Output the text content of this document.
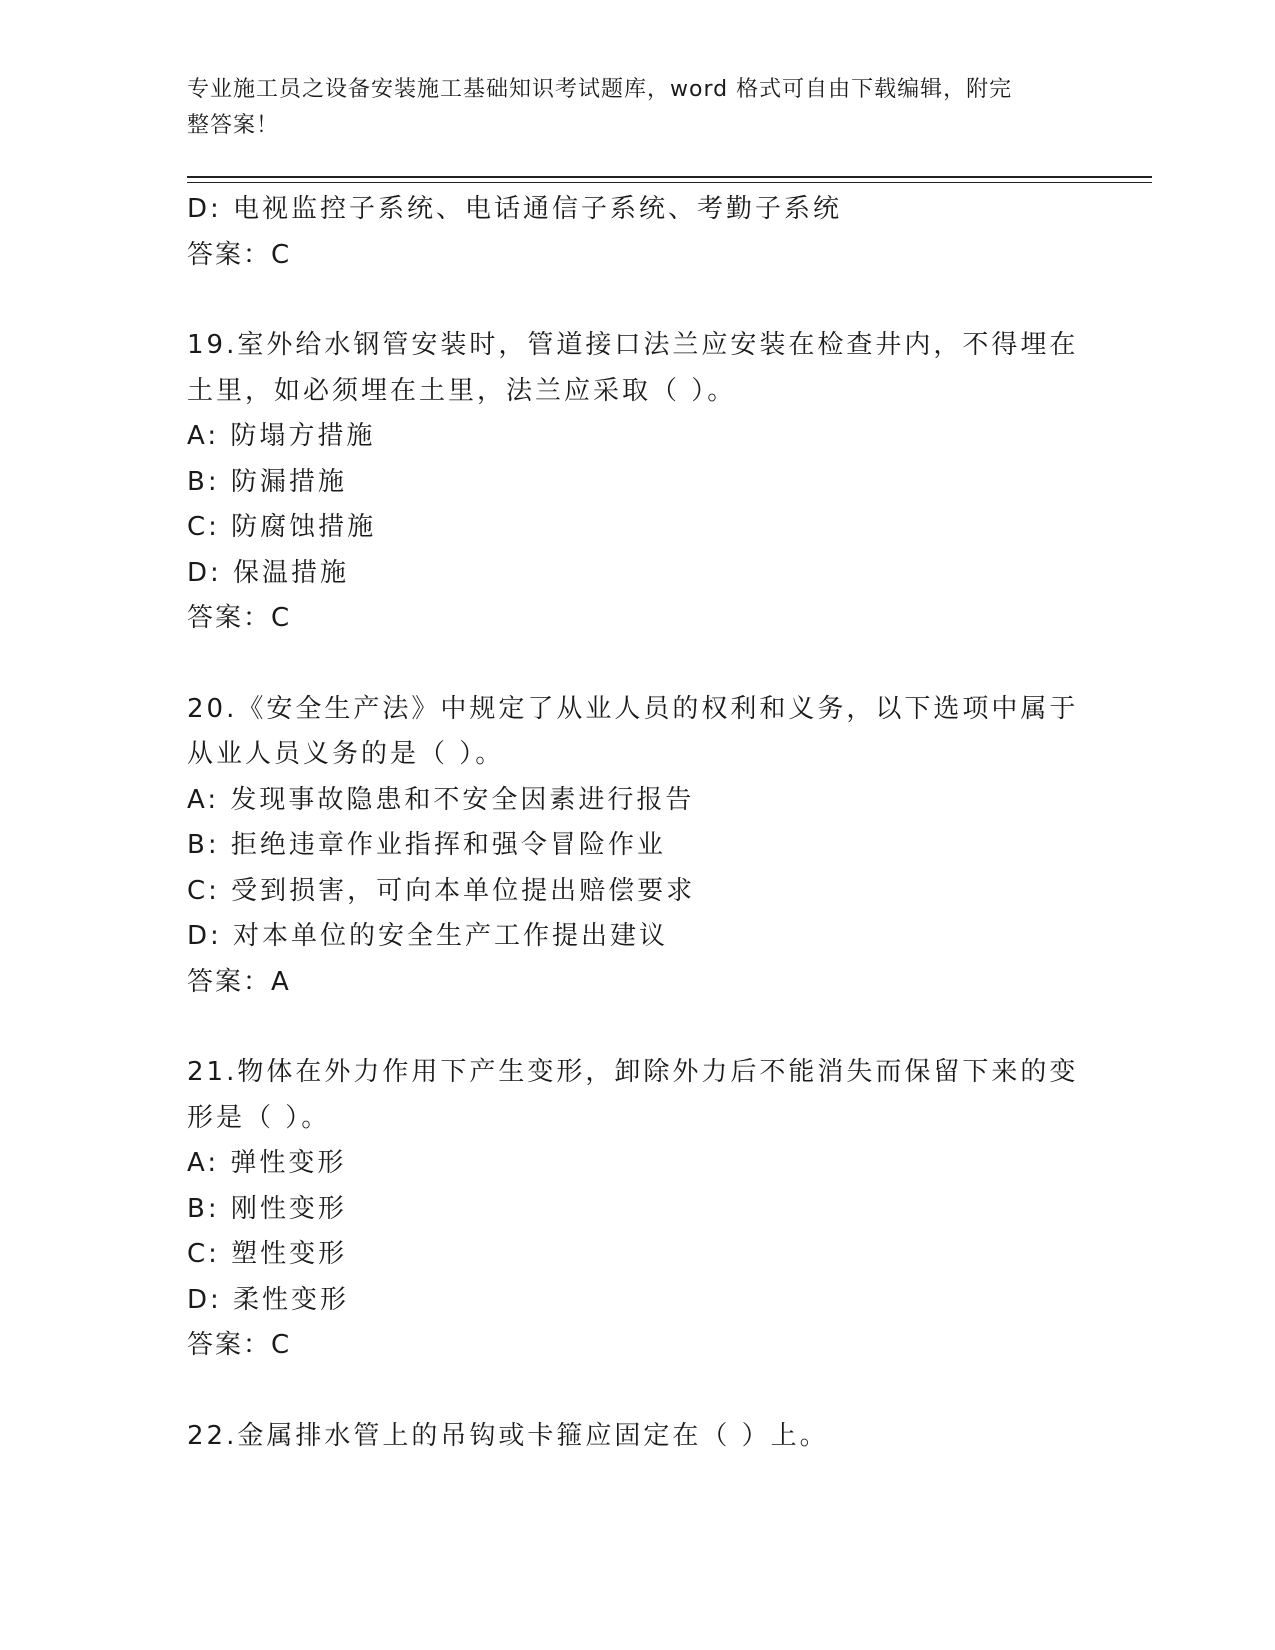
专业施工员之设备安装施工基础知识考试题库，word 格式可自由下载编辑，附完
整答案！
D: 电视监控子系统、电话通信子系统、考勤子系统
答案：C
19.室外给水钢管安装时，管道接口法兰应安装在检查井内，不得埋在
土里，如必须埋在土里，法兰应采取（ ）。
A: 防塌方措施
B: 防漏措施
C: 防腐蚀措施
D: 保温措施
答案：C
20.《安全生产法》中规定了从业人员的权利和义务，以下选项中属于
从业人员义务的是（ ）。
A: 发现事故隐患和不安全因素进行报告
B: 拒绝违章作业指挥和强令冒险作业
C: 受到损害，可向本单位提出赔偿要求
D: 对本单位的安全生产工作提出建议
答案：A
21.物体在外力作用下产生变形，卸除外力后不能消失而保留下来的变
形是（ ）。
A: 弹性变形
B: 刚性变形
C: 塑性变形
D: 柔性变形
答案：C
22.金属排水管上的吊钩或卡箍应固定在（ ）上。
